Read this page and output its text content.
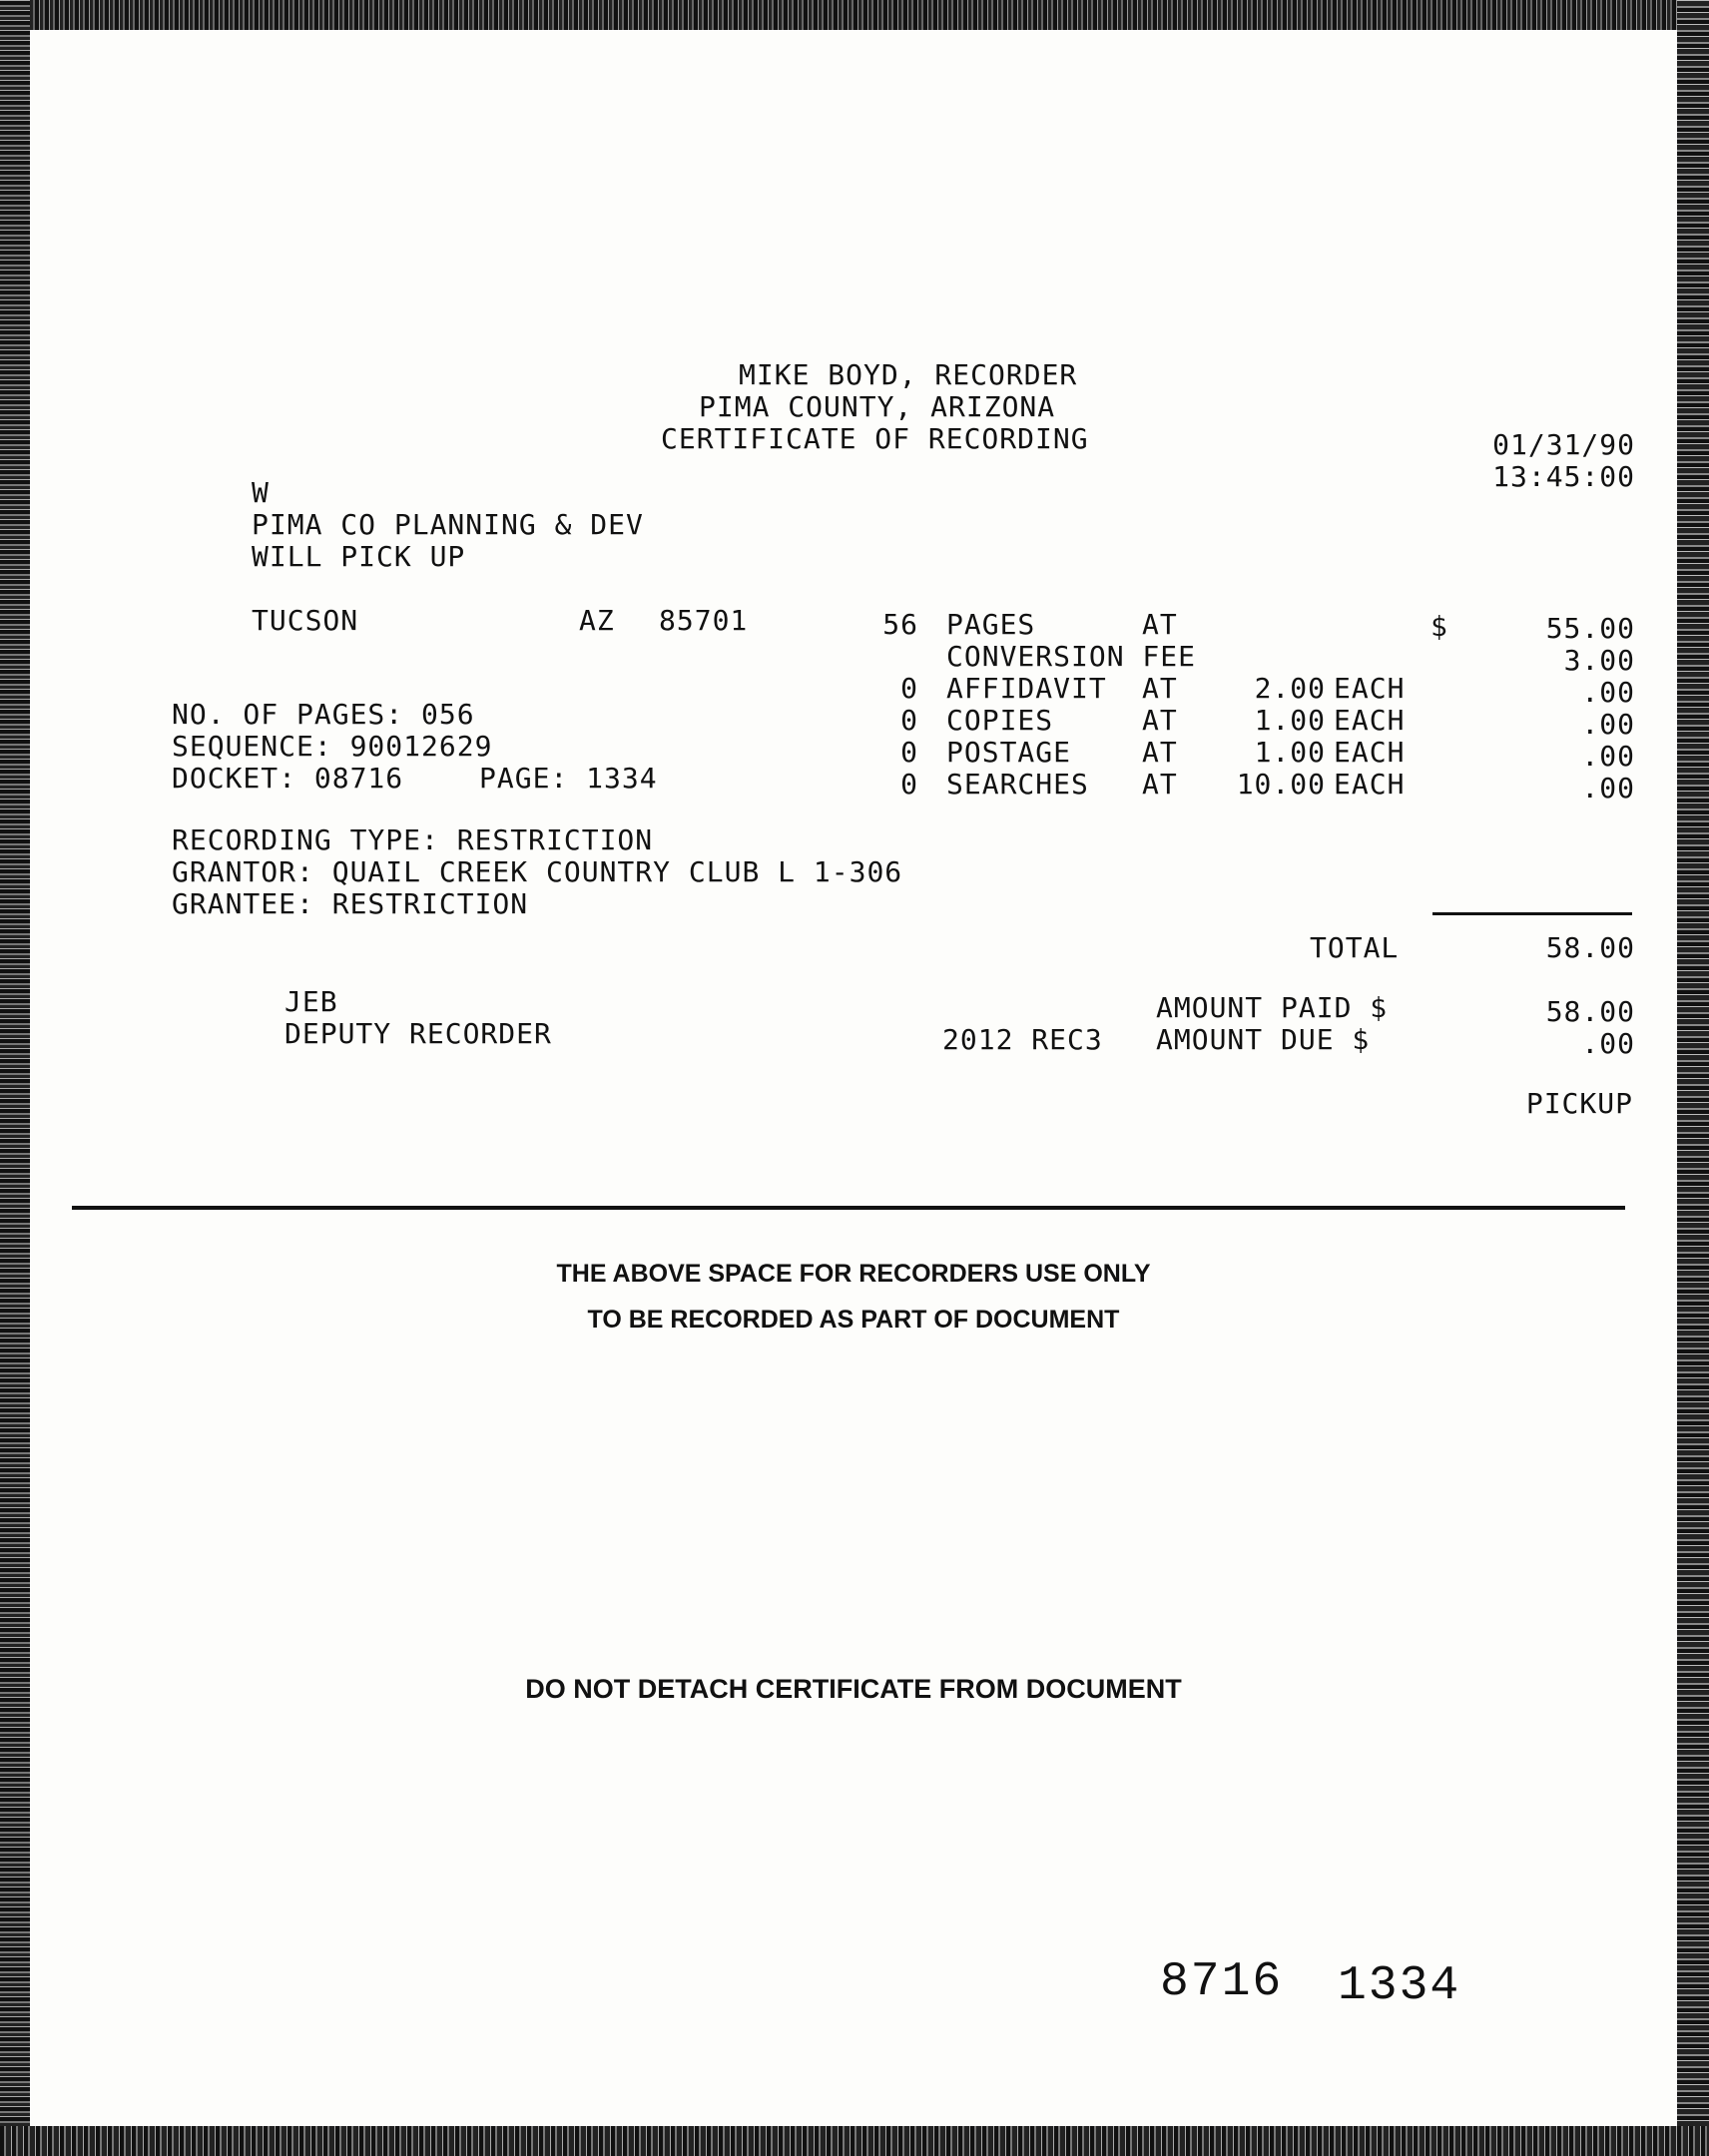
MIKE BOYD, RECORDER
PIMA COUNTY, ARIZONA
CERTIFICATE OF RECORDING	01/31/90
13:45:00
W
PIMA CO PLANNING & DEV
WILL PICK UP
TUCSON	AZ 85701
NO. OF PAGES: 056
SEQUENCE: 90012629
DOCKET: 08716	PAGE: 1334
RECORDING TYPE: RESTRICTION
GRANTOR: QUAIL CREEK COUNTRY CLUB L 1-306
GRANTEE: RESTRICTION
$
56 PAGES	AT	55.00
CONVERSION FEE	3.00
0 AFFIDAVIT AT	2.00 EACH	.00
0 COPIES	AT	1.00 EACH	.00
0 POSTAGE	AT	1.00 EACH	.00
0 SEARCHES AT	10.00 EACH	.00
TOTAL	58.00
AMOUNT PAID $	58.00
2012 REC3 AMOUNT DUE $	.00
JEB
DEPUTY RECORDER
PICKUP
THE ABOVE SPACE FOR RECORDERS USE ONLY
TO BE RECORDED AS PART OF DOCUMENT
DO NOT DETACH CERTIFICATE FROM DOCUMENT
8716 1334
